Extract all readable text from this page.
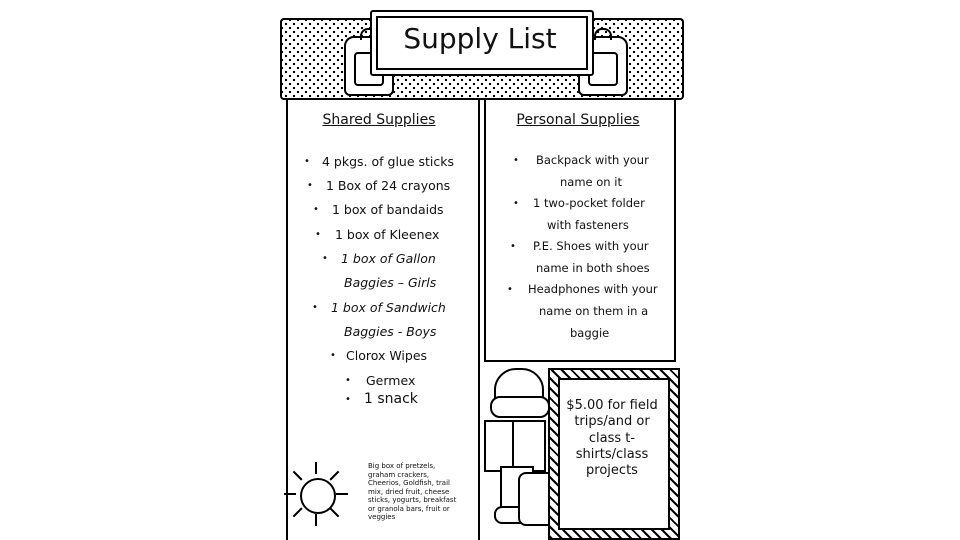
Supply List
Shared Supplies
• 4 pkgs. of glue sticks
• 1 Box of 24 crayons
• 1 box of bandaids
• 1 box of Kleenex
• 1 box of Gallon
Baggies – Girls
• 1 box of Sandwich
Baggies - Boys
• Clorox Wipes
• Germex
• 1 snack
Big box of pretzels, graham crackers, Cheerios, Goldfish, trail mix, dried fruit, cheese sticks, yogurts, breakfast or granola bars, fruit or veggies
Personal Supplies
• Backpack with your
name on it
• 1 two-pocket folder
with fasteners
• P.E. Shoes with your
name in both shoes
• Headphones with your
name on them in a
baggie
$5.00 for field trips/and or class t-shirts/class projects
